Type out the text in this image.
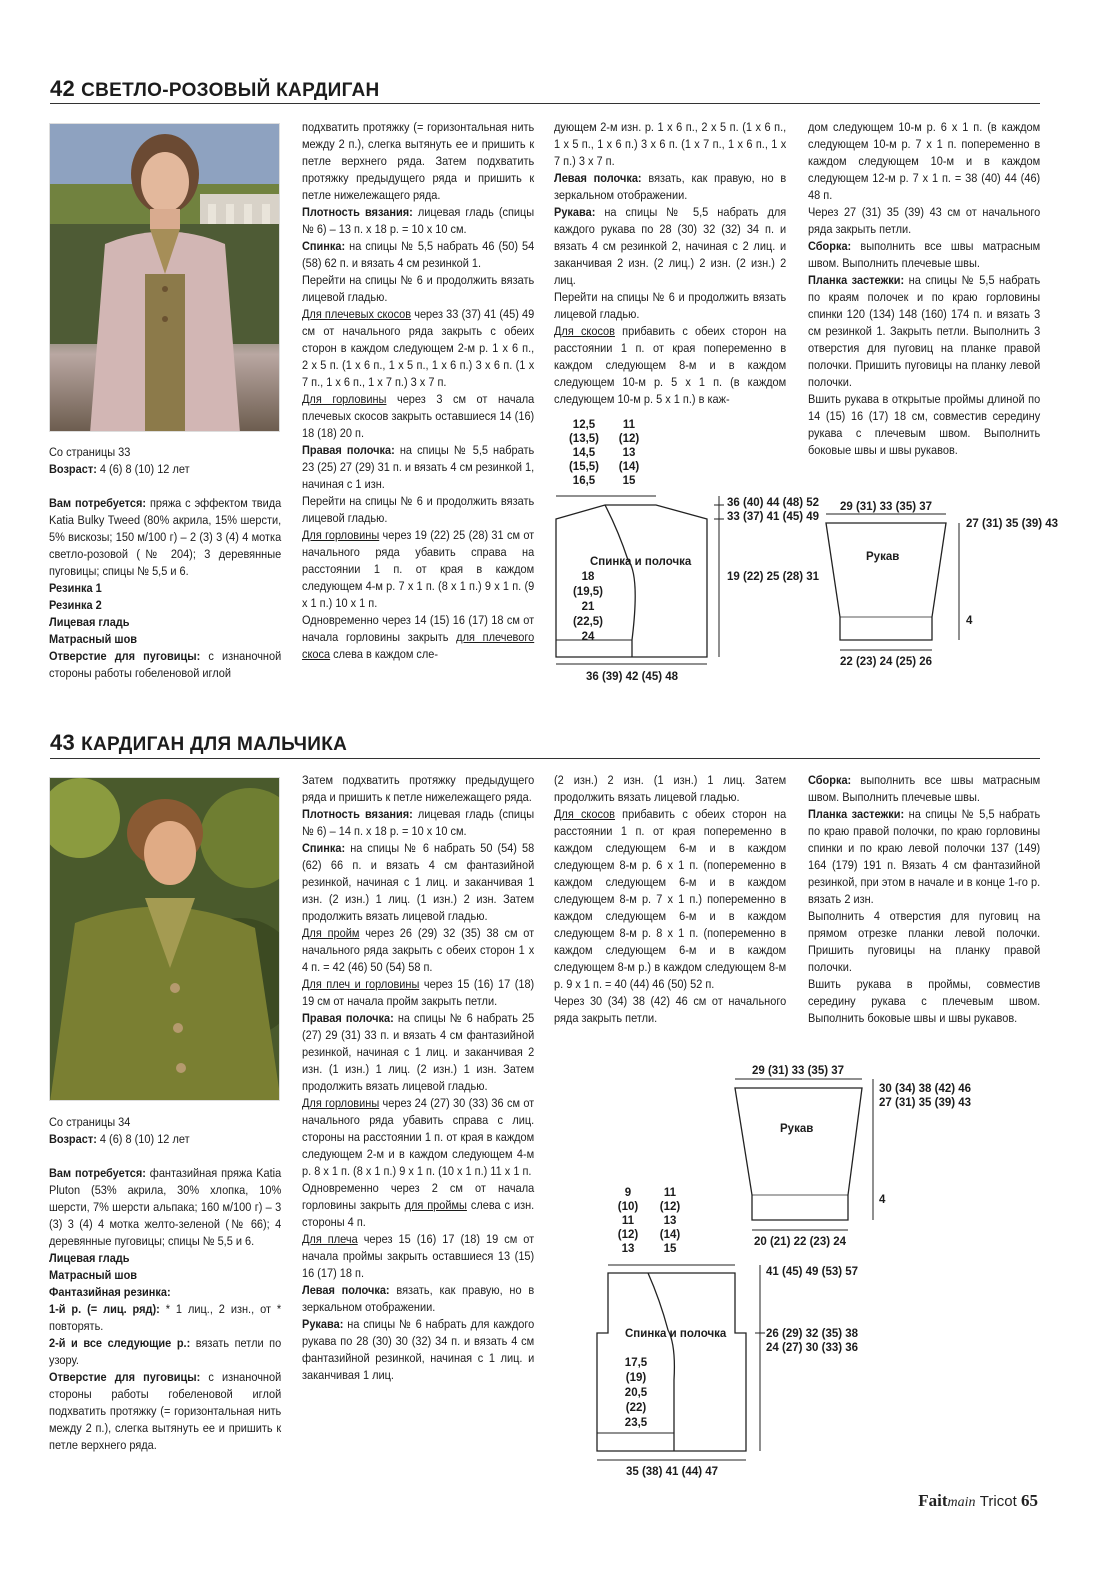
42 СВЕТЛО-РОЗОВЫЙ КАРДИГАН

Со страницы 33

Возраст: 4 (6) 8 (10) 12 лет

Вам потребуется: пряжа с эффектом твида Katia Bulky Tweed (80% акрила, 15% шерсти, 5% вискозы; 150 м/100 г) – 2 (3) 3 (4) 4 мотка светло-розовой (№ 204); 3 деревянные пуговицы; спицы № 5,5 и 6.

Резинка 1

Резинка 2

Лицевая гладь

Матрасный шов

Отверстие для пуговицы: с изнаночной стороны работы гобеленовой иглой

подхватить протяжку (= горизонтальная нить между 2 п.), слегка вытянуть ее и пришить к петле верхнего ряда. Затем подхватить протяжку предыдущего ряда и пришить к петле нижележащего ряда.

Плотность вязания: лицевая гладь (спицы № 6) – 13 п. х 18 р. = 10 х 10 см.

Спинка: на спицы № 5,5 набрать 46 (50) 54 (58) 62 п. и вязать 4 см резинкой 1.

Перейти на спицы № 6 и продолжить вязать лицевой гладью.

Для плечевых скосов через 33 (37) 41 (45) 49 см от начального ряда закрыть с обеих сторон в каждом следующем 2-м р. 1 х 6 п., 2 х 5 п. (1 х 6 п., 1 х 5 п., 1 х 6 п.) 3 х 6 п. (1 х 7 п., 1 х 6 п., 1 х 7 п.) 3 х 7 п.

Для горловины через 3 см от начала плечевых скосов закрыть оставшиеся 14 (16) 18 (18) 20 п.

Правая полочка: на спицы № 5,5 набрать 23 (25) 27 (29) 31 п. и вязать 4 см резинкой 1, начиная с 1 изн.

Перейти на спицы № 6 и продолжить вязать лицевой гладью.

Для горловины через 19 (22) 25 (28) 31 см от начального ряда убавить справа на расстоянии 1 п. от края в каждом следующем 4-м р. 7 х 1 п. (8 х 1 п.) 9 х 1 п. (9 х 1 п.) 10 х 1 п.

Одновременно через 14 (15) 16 (17) 18 см от начала горловины закрыть для плечевого скоса слева в каждом сле-

дующем 2-м изн. р. 1 х 6 п., 2 х 5 п. (1 х 6 п., 1 х 5 п., 1 х 6 п.) 3 х 6 п. (1 х 7 п., 1 х 6 п., 1 х 7 п.) 3 х 7 п.

Левая полочка: вязать, как правую, но в зеркальном отображении.

Рукава: на спицы № 5,5 набрать для каждого рукава по 28 (30) 32 (32) 34 п. и вязать 4 см резинкой 2, начиная с 2 лиц. и заканчивая 2 изн. (2 лиц.) 2 изн. (2 изн.) 2 лиц.

Перейти на спицы № 6 и продолжить вязать лицевой гладью.

Для скосов прибавить с обеих сторон на расстоянии 1 п. от края попеременно в каждом следующем 8-м и в каждом следующем 10-м р. 5 х 1 п. (в каждом следующем 10-м р. 5 х 1 п.) в каж-

дом следующем 10-м р. 6 х 1 п. (в каждом следующем 10-м р. 7 х 1 п. попеременно в каждом следующем 10-м и в каждом следующем 12-м р. 7 х 1 п. = 38 (40) 44 (46) 48 п.

Через 27 (31) 35 (39) 43 см от начального ряда закрыть петли.

Сборка: выполнить все швы матрасным швом. Выполнить плечевые швы.

Планка застежки: на спицы № 5,5 набрать по краям полочек и по краю горловины спинки 120 (134) 148 (160) 174 п. и вязать 3 см резинкой 1. Закрыть петли. Выполнить 3 отверстия для пуговиц на планке правой полочки. Пришить пуговицы на планку левой полочки.

Вшить рукава в открытые проймы длиной по 14 (15) 16 (17) 18 см, совместив середину рукава с плечевым швом. Выполнить боковые швы и швы рукавов.

12,5 (13,5) 14,5 (15,5) 16,5
11 (12) 13 (14) 15
Спинка и полочка
18 (19,5) 21 (22,5) 24
36 (39) 42 (45) 48
36 (40) 44 (48) 52
33 (37) 41 (45) 49
19 (22) 25 (28) 31
29 (31) 33 (35) 37
Рукав
27 (31) 35 (39) 43
4
22 (23) 24 (25) 26
29 (31) 33 (35) 37
Рукав
30 (34) 38 (42) 46
27 (31) 35 (39) 43
4
20 (21) 22 (23) 24
9 (10) 11 (12) 13
11 (12) 13 (14) 15
Спинка и полочка
17,5 (19) 20,5 (22) 23,5
35 (38) 41 (44) 47
41 (45) 49 (53) 57
26 (29) 32 (35) 38
24 (27) 30 (33) 36
43 КАРДИГАН ДЛЯ МАЛЬЧИКА

Со страницы 34

Возраст: 4 (6) 8 (10) 12 лет

Вам потребуется: фантазийная пряжа Katia Pluton (53% акрила, 30% хлопка, 10% шерсти, 7% шерсти альпака; 160 м/100 г) – 3 (3) 3 (4) 4 мотка желто-зеленой (№ 66); 4 деревянные пуговицы; спицы № 5,5 и 6.

Лицевая гладь

Матрасный шов

Фантазийная резинка:

1-й р. (= лиц. ряд): * 1 лиц., 2 изн., от * повторять.

2-й и все следующие р.: вязать петли по узору.

Отверстие для пуговицы: с изнаночной стороны работы гобеленовой иглой подхватить протяжку (= горизонтальная нить между 2 п.), слегка вытянуть ее и пришить к петле верхнего ряда.

Затем подхватить протяжку предыдущего ряда и пришить к петле нижележащего ряда.

Плотность вязания: лицевая гладь (спицы № 6) – 14 п. х 18 р. = 10 х 10 см.

Спинка: на спицы № 6 набрать 50 (54) 58 (62) 66 п. и вязать 4 см фантазийной резинкой, начиная с 1 лиц. и заканчивая 1 изн. (2 изн.) 1 лиц. (1 изн.) 2 изн. Затем продолжить вязать лицевой гладью.

Для пройм через 26 (29) 32 (35) 38 см от начального ряда закрыть с обеих сторон 1 х 4 п. = 42 (46) 50 (54) 58 п.

Для плеч и горловины через 15 (16) 17 (18) 19 см от начала пройм закрыть петли.

Правая полочка: на спицы № 6 набрать 25 (27) 29 (31) 33 п. и вязать 4 см фантазийной резинкой, начиная с 1 лиц. и заканчивая 2 изн. (1 изн.) 1 лиц. (2 изн.) 1 изн. Затем продолжить вязать лицевой гладью.

Для горловины через 24 (27) 30 (33) 36 см от начального ряда убавить справа с лиц. стороны на расстоянии 1 п. от края в каждом следующем 2-м и в каждом следующем 4-м р. 8 х 1 п. (8 х 1 п.) 9 х 1 п. (10 х 1 п.) 11 х 1 п.

Одновременно через 2 см от начала горловины закрыть для проймы слева с изн. стороны 4 п.

Для плеча через 15 (16) 17 (18) 19 см от начала проймы закрыть оставшиеся 13 (15) 16 (17) 18 п.

Левая полочка: вязать, как правую, но в зеркальном отображении.

Рукава: на спицы № 6 набрать для каждого рукава по 28 (30) 30 (32) 34 п. и вязать 4 см фантазийной резинкой, начиная с 1 лиц. и заканчивая 1 лиц.

(2 изн.) 2 изн. (1 изн.) 1 лиц. Затем продолжить вязать лицевой гладью.

Для скосов прибавить с обеих сторон на расстоянии 1 п. от края попеременно в каждом следующем 6-м и в каждом следующем 8-м р. 6 х 1 п. (попеременно в каждом следующем 6-м и в каждом следующем 8-м р. 7 х 1 п.) попеременно в каждом следующем 6-м и в каждом следующем 8-м р. 8 х 1 п. (попеременно в каждом следующем 6-м и в каждом следующем 8-м р.) в каждом следующем 8-м р. 9 х 1 п. = 40 (44) 46 (50) 52 п.

Через 30 (34) 38 (42) 46 см от начального ряда закрыть петли.

Сборка: выполнить все швы матрасным швом. Выполнить плечевые швы.

Планка застежки: на спицы № 5,5 набрать по краю правой полочки, по краю горловины спинки и по краю левой полочки 137 (149) 164 (179) 191 п. Вязать 4 см фантазийной резинкой, при этом в начале и в конце 1-го р. вязать 2 изн.

Выполнить 4 отверстия для пуговиц на прямом отрезке планки левой полочки. Пришить пуговицы на планку правой полочки.

Вшить рукава в проймы, совместив середину рукава с плечевым швом. Выполнить боковые швы и швы рукавов.

Faitmain Tricot 65
